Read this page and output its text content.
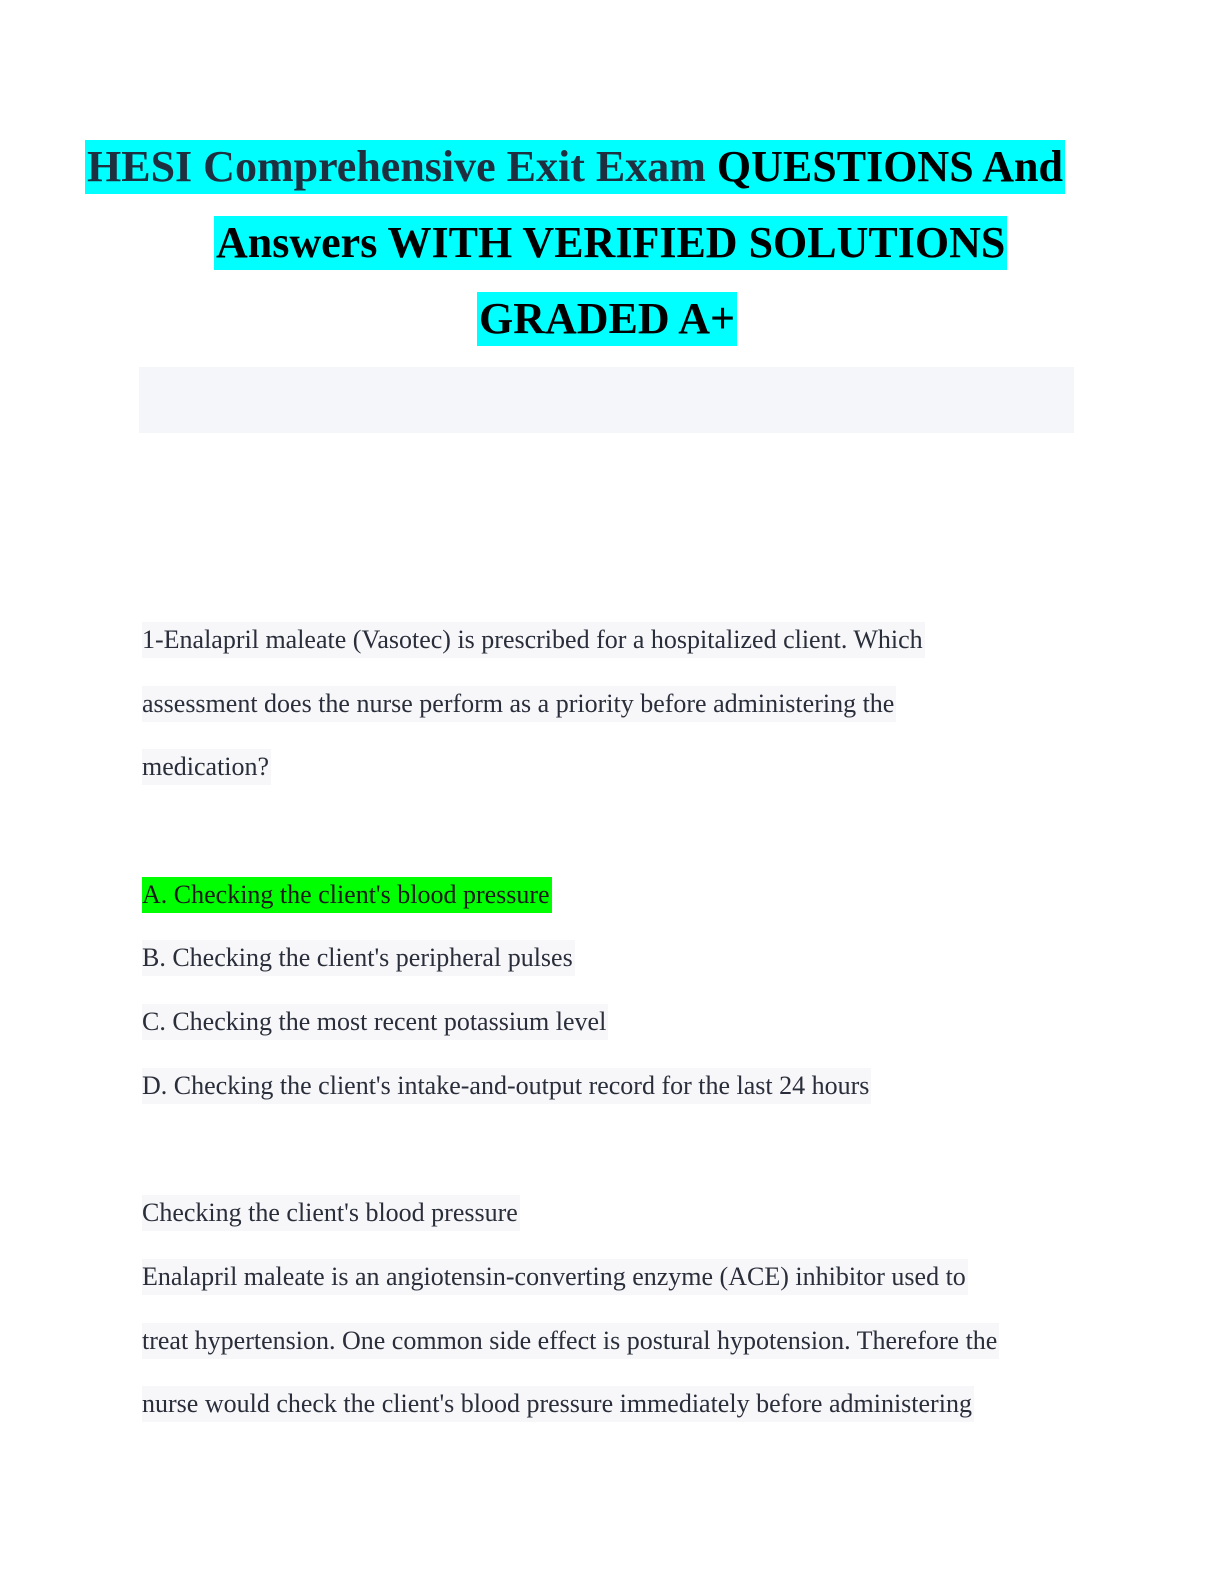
HESI Comprehensive Exit Exam QUESTIONS And
Answers WITH VERIFIED SOLUTIONS
GRADED A+
1-Enalapril maleate (Vasotec) is prescribed for a hospitalized client. Which
assessment does the nurse perform as a priority before administering the
medication?
A. Checking the client's blood pressure
B. Checking the client's peripheral pulses
C. Checking the most recent potassium level
D. Checking the client's intake-and-output record for the last 24 hours
Checking the client's blood pressure
Enalapril maleate is an angiotensin-converting enzyme (ACE) inhibitor used to
treat hypertension. One common side effect is postural hypotension. Therefore the
nurse would check the client's blood pressure immediately before administering
